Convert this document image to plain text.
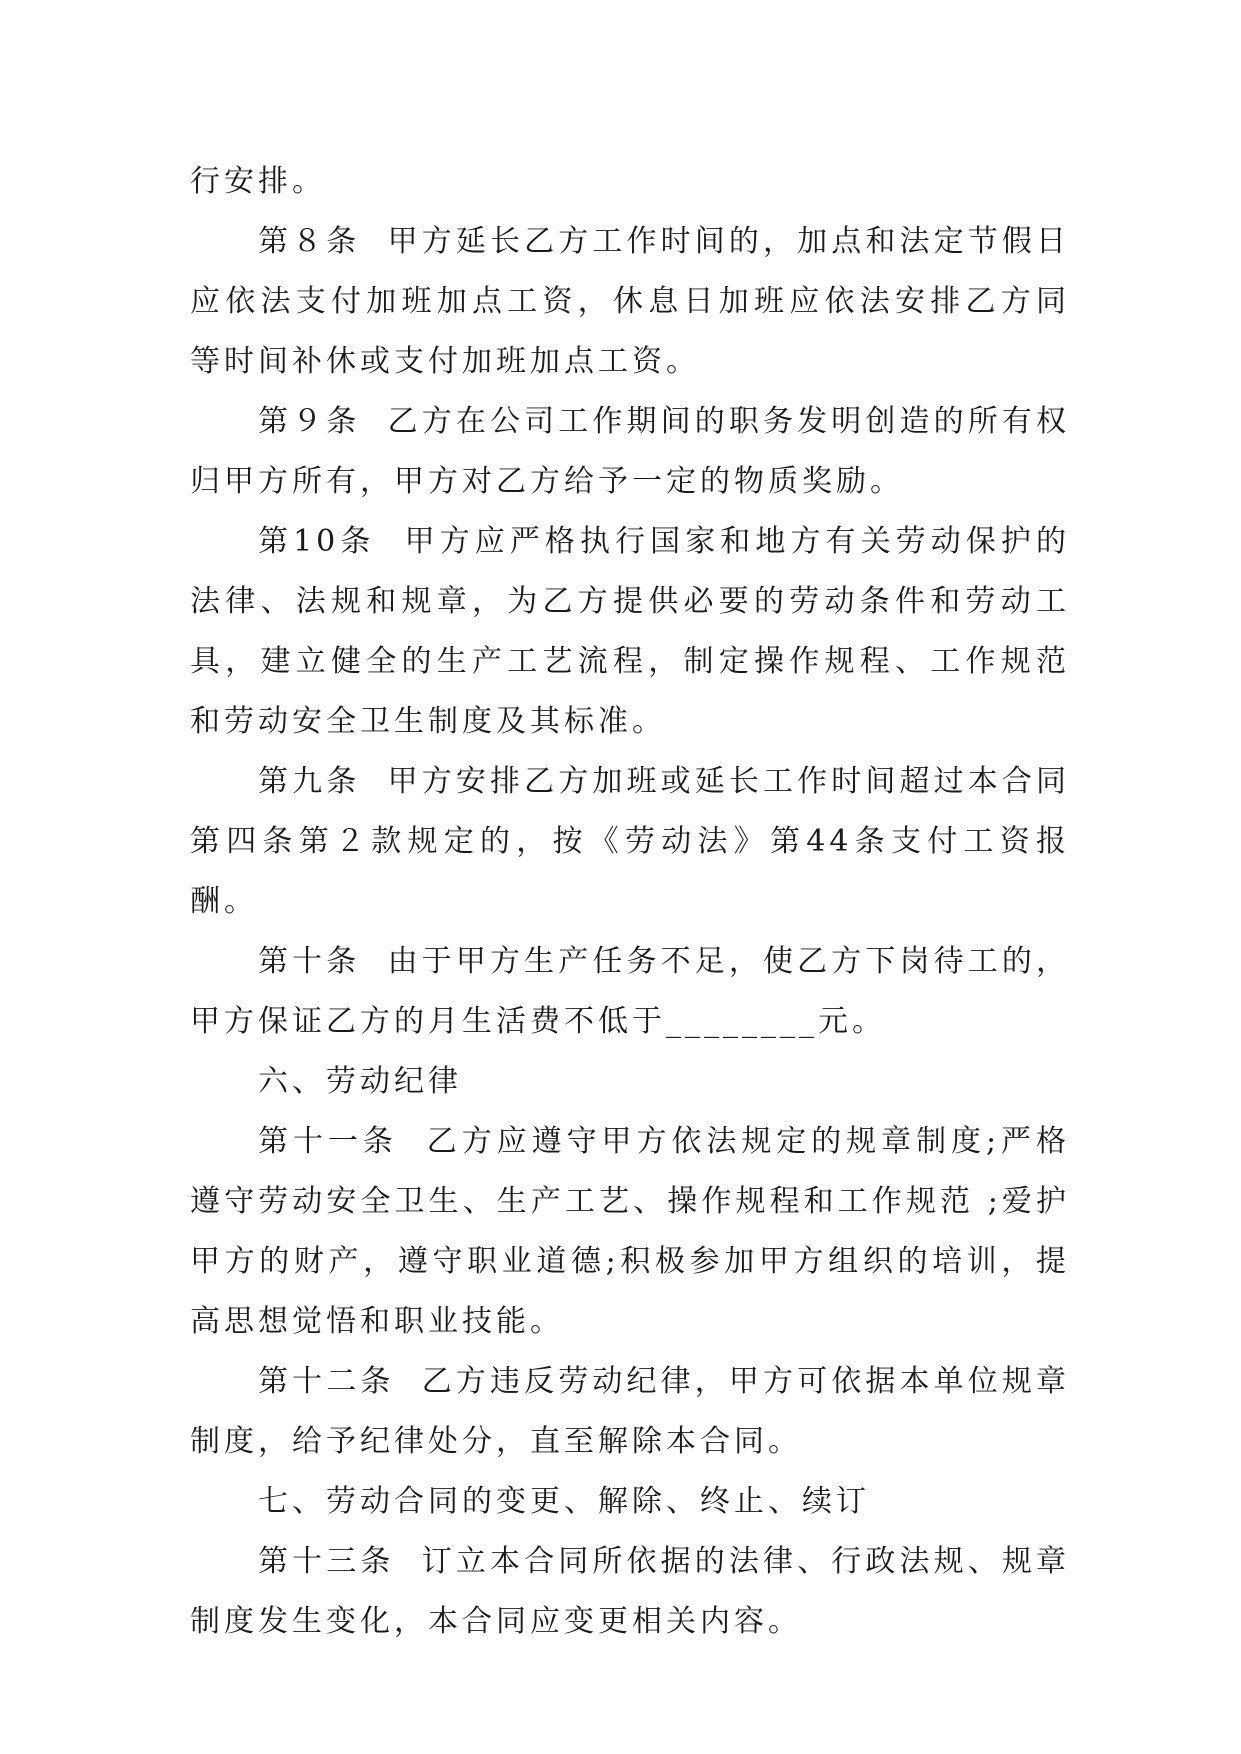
行安排。

第８条  甲方延长乙方工作时间的，加点和法定节假日应依法支付加班加点工资，休息日加班应依法安排乙方同等时间补休或支付加班加点工资。

第９条  乙方在公司工作期间的职务发明创造的所有权归甲方所有，甲方对乙方给予一定的物质奖励。

第10条  甲方应严格执行国家和地方有关劳动保护的法律、法规和规章，为乙方提供必要的劳动条件和劳动工具，建立健全的生产工艺流程，制定操作规程、工作规范和劳动安全卫生制度及其标准。

第九条  甲方安排乙方加班或延长工作时间超过本合同第四条第２款规定的，按《劳动法》第44条支付工资报酬。

第十条  由于甲方生产任务不足，使乙方下岗待工的，甲方保证乙方的月生活费不低于________元。

六、劳动纪律

第十一条  乙方应遵守甲方依法规定的规章制度;严格遵守劳动安全卫生、生产工艺、操作规程和工作规范 ;爱护甲方的财产，遵守职业道德;积极参加甲方组织的培训，提高思想觉悟和职业技能。

第十二条  乙方违反劳动纪律，甲方可依据本单位规章制度，给予纪律处分，直至解除本合同。

七、劳动合同的变更、解除、终止、续订

第十三条  订立本合同所依据的法律、行政法规、规章制度发生变化，本合同应变更相关内容。
